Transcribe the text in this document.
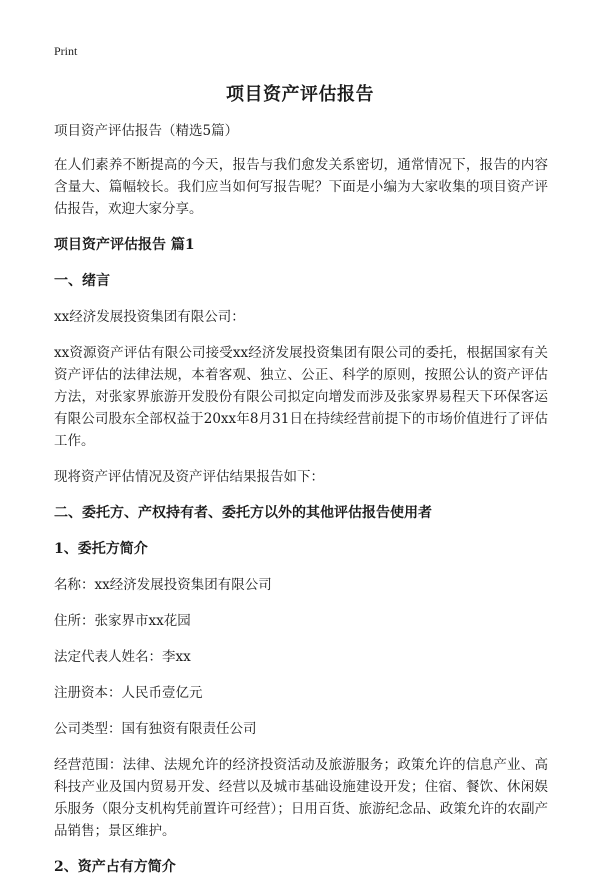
Print
项目资产评估报告

项目资产评估报告（精选5篇）

在人们素养不断提高的今天，报告与我们愈发关系密切，通常情况下，报告的内容含量大、篇幅较长。我们应当如何写报告呢？下面是小编为大家收集的项目资产评估报告，欢迎大家分享。

项目资产评估报告 篇1

一、绪言

xx经济发展投资集团有限公司：

xx资源资产评估有限公司接受xx经济发展投资集团有限公司的委托，根据国家有关资产评估的法律法规，本着客观、独立、公正、科学的原则，按照公认的资产评估方法，对张家界旅游开发股份有限公司拟定向增发而涉及张家界易程天下环保客运有限公司股东全部权益于20xx年8月31日在持续经营前提下的市场价值进行了评估工作。

现将资产评估情况及资产评估结果报告如下：

二、委托方、产权持有者、委托方以外的其他评估报告使用者

1、委托方简介

名称：xx经济发展投资集团有限公司

住所：张家界市xx花园

法定代表人姓名：李xx

注册资本：人民币壹亿元

公司类型：国有独资有限责任公司

经营范围：法律、法规允许的经济投资活动及旅游服务；政策允许的信息产业、高科技产业及国内贸易开发、经营以及城市基础设施建设开发；住宿、餐饮、休闲娱乐服务（限分支机构凭前置许可经营）；日用百货、旅游纪念品、政策允许的农副产品销售；景区维护。

2、资产占有方简介
